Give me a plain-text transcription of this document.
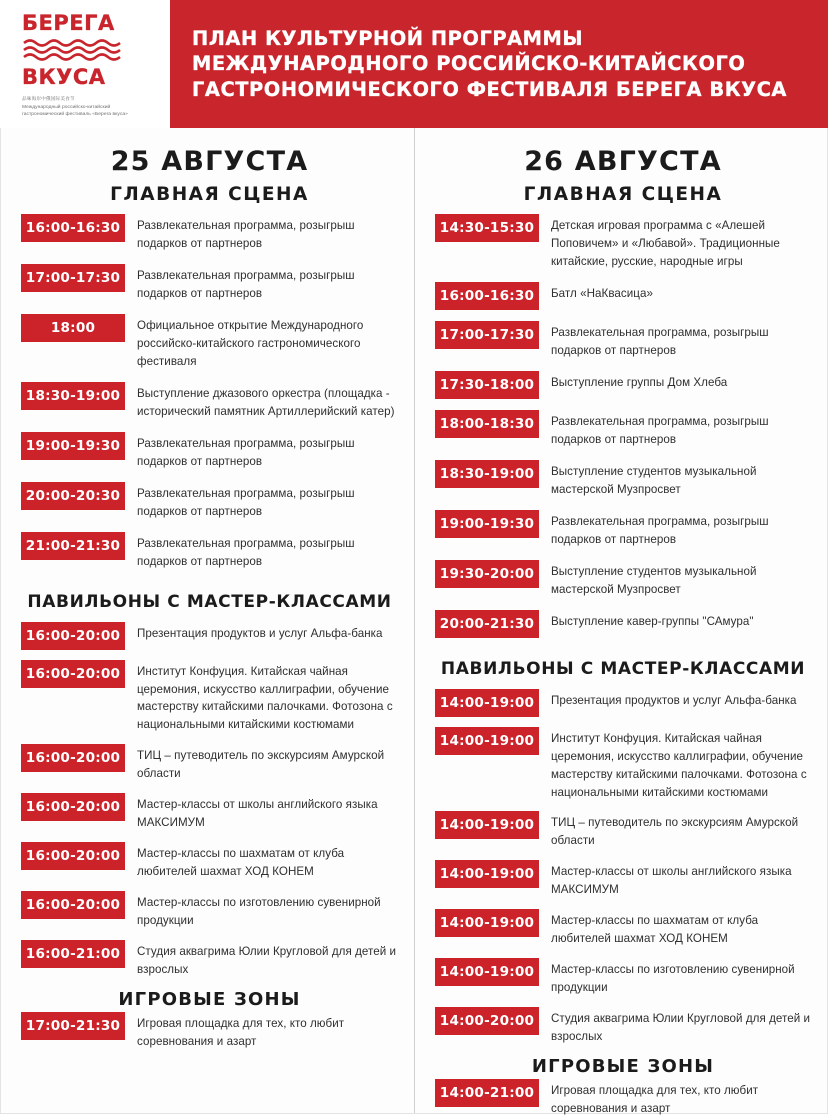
БЕРЕГА
ВКУСА
品味海岸中俄国际美食节
Международный российско-китайский
гастрономический фестиваль «Берега вкуса»
ПЛАН КУЛЬТУРНОЙ ПРОГРАММЫ МЕЖДУНАРОДНОГО РОССИЙСКО-КИТАЙСКОГО ГАСТРОНОМИЧЕСКОГО ФЕСТИВАЛЯ БЕРЕГА ВКУСА
25 АВГУСТА
ГЛАВНАЯ СЦЕНА
16:00-16:30	Развлекательная программа, розыгрыш подарков от партнеров
17:00-17:30	Развлекательная программа, розыгрыш подарков от партнеров
18:00	Официальное открытие Международного российско-китайского гастрономического фестиваля
18:30-19:00	Выступление джазового оркестра (площадка - исторический памятник Артиллерийский катер)
19:00-19:30	Развлекательная программа, розыгрыш подарков от партнеров
20:00-20:30	Развлекательная программа, розыгрыш подарков от партнеров
21:00-21:30	Развлекательная программа, розыгрыш подарков от партнеров
ПАВИЛЬОНЫ С МАСТЕР-КЛАССАМИ
16:00-20:00	Презентация продуктов и услуг Альфа-банка
16:00-20:00	Институт Конфуция. Китайская чайная церемония, искусство каллиграфии, обучение мастерству китайскими палочками. Фотозона с национальными китайскими костюмами
16:00-20:00	ТИЦ – путеводитель по экскурсиям Амурской области
16:00-20:00	Мастер-классы от школы английского языка МАКСИМУМ
16:00-20:00	Мастер-классы по шахматам от клуба любителей шахмат ХОД КОНЕМ
16:00-20:00	Мастер-классы по изготовлению сувенирной продукции
16:00-21:00	Студия аквагрима Юлии Кругловой для детей и взрослых
ИГРОВЫЕ ЗОНЫ
17:00-21:30	Игровая площадка для тех, кто любит соревнования и азарт
26 АВГУСТА
ГЛАВНАЯ СЦЕНА
14:30-15:30	Детская игровая программа с «Алешей Поповичем» и «Любавой». Традиционные китайские, русские, народные игры
16:00-16:30	Батл «НаКвасица»
17:00-17:30	Развлекательная программа, розыгрыш подарков от партнеров
17:30-18:00	Выступление группы Дом Хлеба
18:00-18:30	Развлекательная программа, розыгрыш подарков от партнеров
18:30-19:00	Выступление студентов музыкальной мастерской Музпросвет
19:00-19:30	Развлекательная программа, розыгрыш подарков от партнеров
19:30-20:00	Выступление студентов музыкальной мастерской Музпросвет
20:00-21:30	Выступление кавер-группы "САмура"
ПАВИЛЬОНЫ С МАСТЕР-КЛАССАМИ
14:00-19:00	Презентация продуктов и услуг Альфа-банка
14:00-19:00	Институт Конфуция. Китайская чайная церемония, искусство каллиграфии, обучение мастерству китайскими палочками. Фотозона с национальными китайскими костюмами
14:00-19:00	ТИЦ – путеводитель по экскурсиям Амурской области
14:00-19:00	Мастер-классы от школы английского языка МАКСИМУМ
14:00-19:00	Мастер-классы по шахматам от клуба любителей шахмат ХОД КОНЕМ
14:00-19:00	Мастер-классы по изготовлению сувенирной продукции
14:00-20:00	Студия аквагрима Юлии Кругловой для детей и взрослых
ИГРОВЫЕ ЗОНЫ
14:00-21:00	Игровая площадка для тех, кто любит соревнования и азарт
